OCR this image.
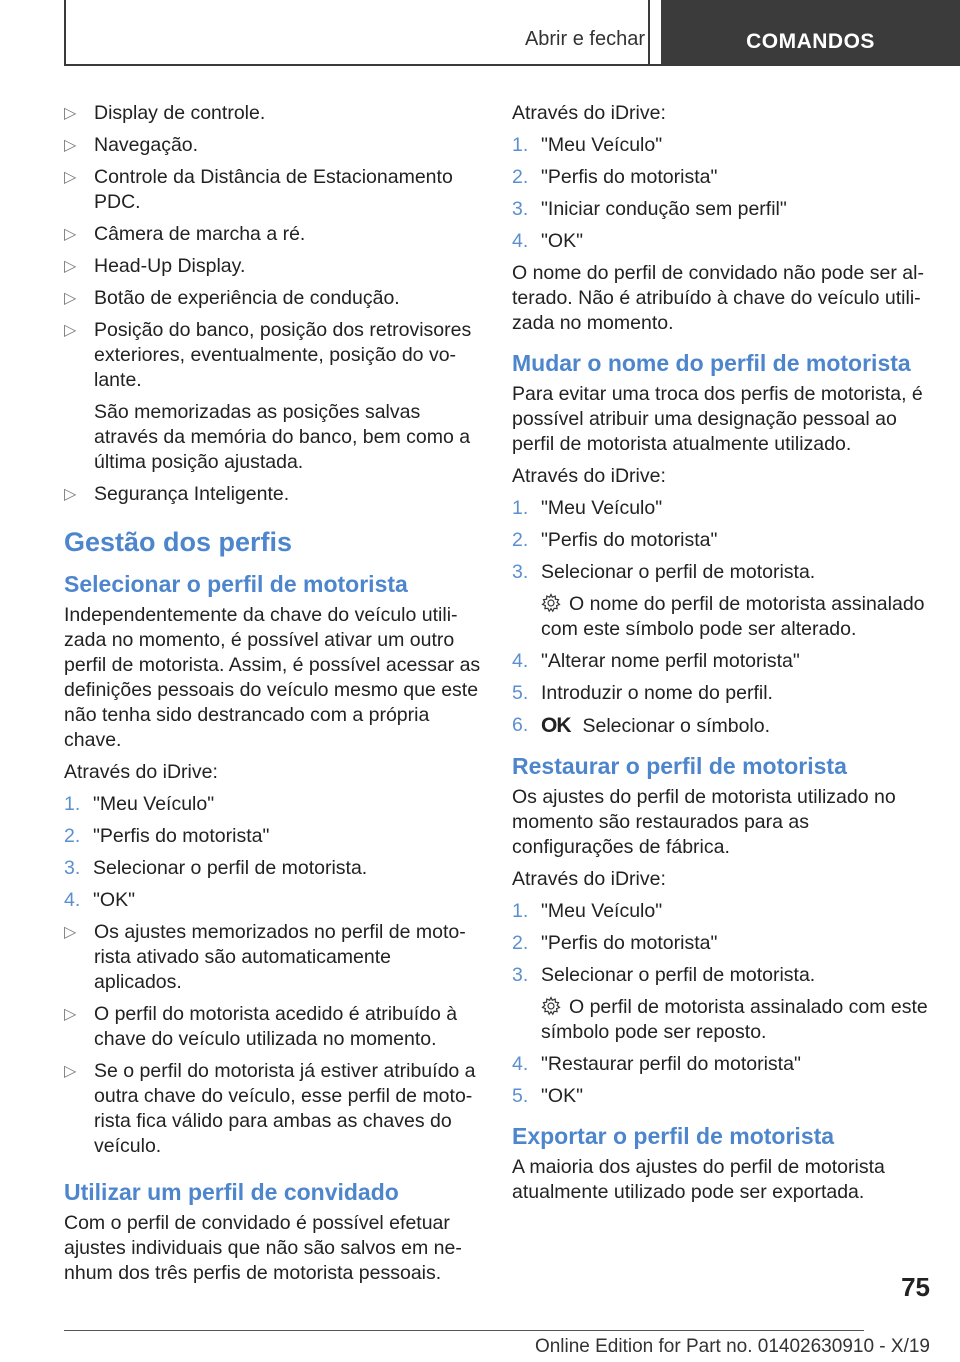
Abrir e fechar	COMANDOS
▷ Display de controle.
▷ Navegação.
▷ Controle da Distância de Estacionamento PDC.
▷ Câmera de marcha a ré.
▷ Head-Up Display.
▷ Botão de experiência de condução.
▷ Posição do banco, posição dos retrovisores exteriores, eventualmente, posição do volante.
São memorizadas as posições salvas através da memória do banco, bem como a última posição ajustada.
▷ Segurança Inteligente.
Gestão dos perfis
Selecionar o perfil de motorista

Independentemente da chave do veículo utilizada no momento, é possível ativar um outro perfil de motorista. Assim, é possível acessar as definições pessoais do veículo mesmo que este não tenha sido destrancado com a própria chave.

Através do iDrive:

1. "Meu Veículo"
2. "Perfis do motorista"
3. Selecionar o perfil de motorista.
4. "OK"
▷ Os ajustes memorizados no perfil de motorista ativado são automaticamente aplicados.
▷ O perfil do motorista acedido é atribuído à chave do veículo utilizada no momento.
▷ Se o perfil do motorista já estiver atribuído a outra chave do veículo, esse perfil de motorista fica válido para ambas as chaves do veículo.
Utilizar um perfil de convidado

Com o perfil de convidado é possível efetuar ajustes individuais que não são salvos em nenhum dos três perfis de motorista pessoais.

Através do iDrive:

1. "Meu Veículo"
2. "Perfis do motorista"
3. "Iniciar condução sem perfil"
4. "OK"

O nome do perfil de convidado não pode ser alterado. Não é atribuído à chave do veículo utilizada no momento.

Mudar o nome do perfil de motorista

Para evitar uma troca dos perfis de motorista, é possível atribuir uma designação pessoal ao perfil de motorista atualmente utilizado.

Através do iDrive:

1. "Meu Veículo"
2. "Perfis do motorista"
3. Selecionar o perfil de motorista.
O nome do perfil de motorista assinalado com este símbolo pode ser alterado.
4. "Alterar nome perfil motorista"
5. Introduzir o nome do perfil.
6. OK Selecionar o símbolo.
Restaurar o perfil de motorista

Os ajustes do perfil de motorista utilizado no momento são restaurados para as configurações de fábrica.

Através do iDrive:

1. "Meu Veículo"
2. "Perfis do motorista"
3. Selecionar o perfil de motorista.
O perfil de motorista assinalado com este símbolo pode ser reposto.
4. "Restaurar perfil do motorista"
5. "OK"
Exportar o perfil de motorista

A maioria dos ajustes do perfil de motorista atualmente utilizado pode ser exportada.

75
Online Edition for Part no. 01402630910 - X/19
